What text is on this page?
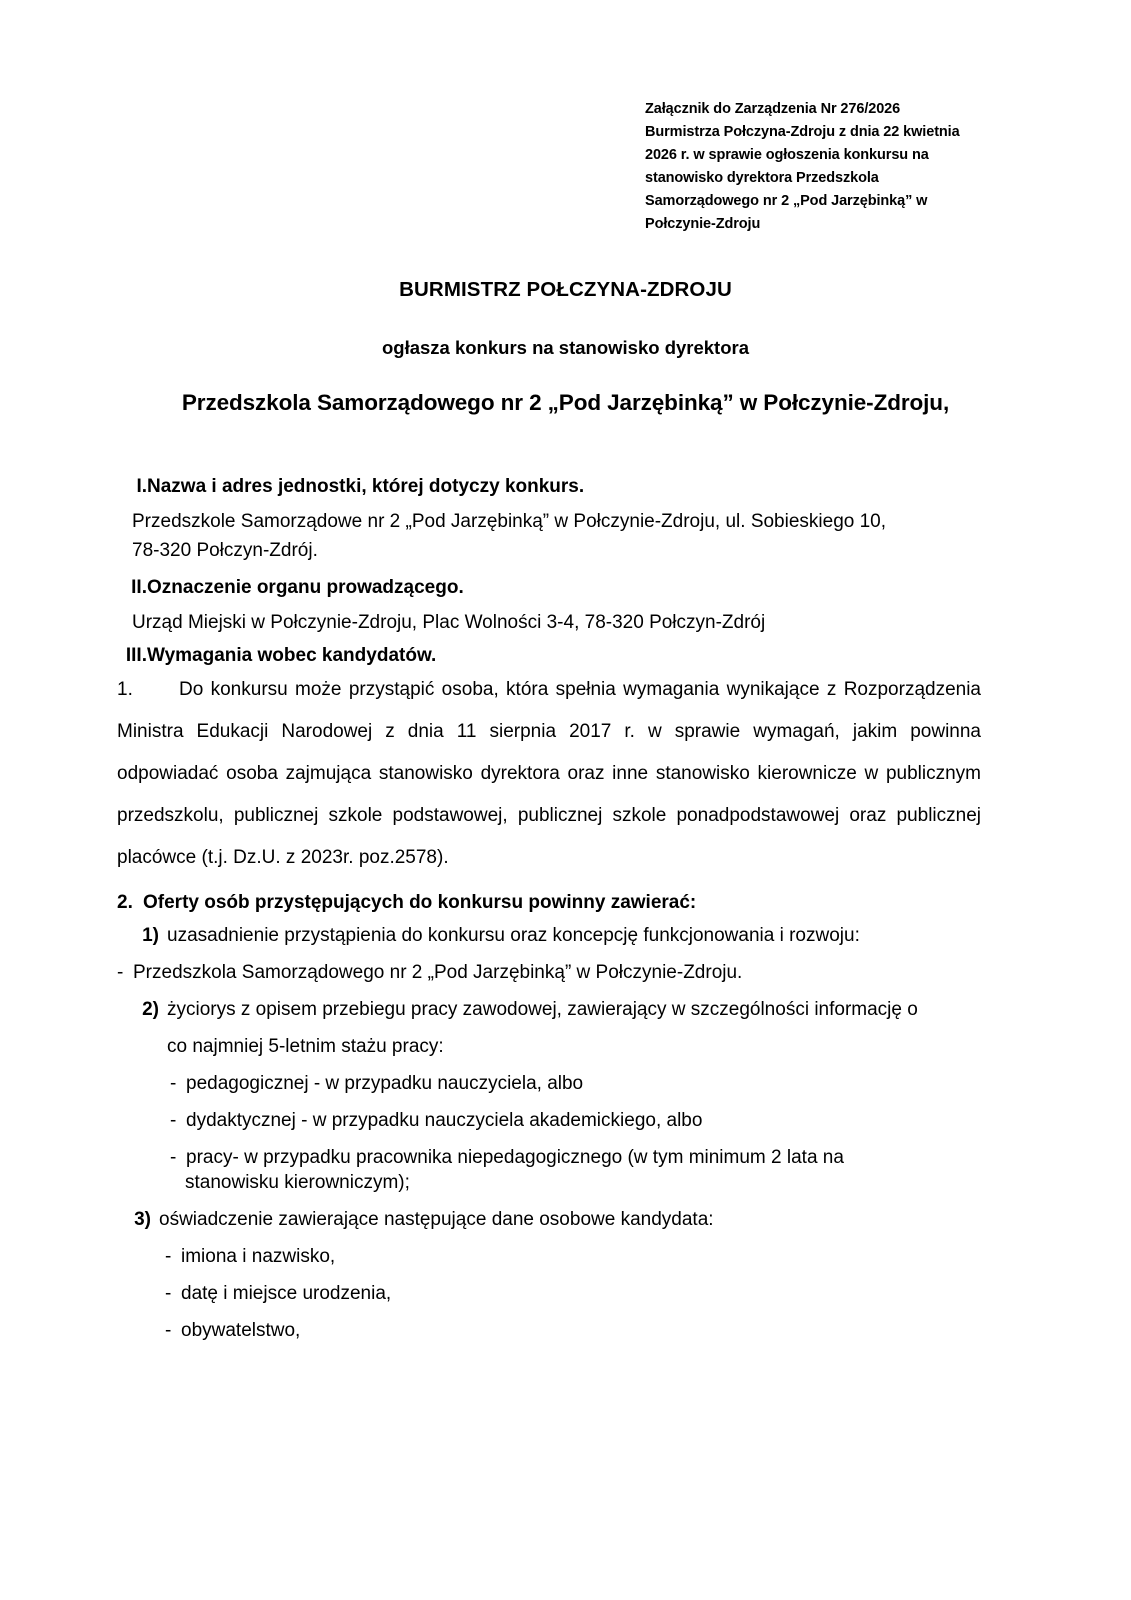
Załącznik do Zarządzenia Nr 276/2026
Burmistrza Połczyna-Zdroju z dnia 22 kwietnia
2026 r. w sprawie ogłoszenia konkursu na
stanowisko dyrektora Przedszkola
Samorządowego nr 2 „Pod Jarzębinką” w
Połczynie-Zdroju
BURMISTRZ POŁCZYNA-ZDROJU
ogłasza konkurs na stanowisko dyrektora
Przedszkola Samorządowego nr 2 „Pod Jarzębinką” w Połczynie-Zdroju,
I. Nazwa i adres jednostki, której dotyczy konkurs.
Przedszkole Samorządowe nr 2 „Pod Jarzębinką” w Połczynie-Zdroju, ul. Sobieskiego 10,
78-320 Połczyn-Zdrój.
II. Oznaczenie organu prowadzącego.
Urząd Miejski w Połczynie-Zdroju, Plac Wolności 3-4, 78-320 Połczyn-Zdrój
III. Wymagania wobec kandydatów.
1. Do konkursu może przystąpić osoba, która spełnia wymagania wynikające z Rozporządzenia Ministra Edukacji Narodowej z dnia 11 sierpnia 2017 r. w sprawie wymagań, jakim powinna odpowiadać osoba zajmująca stanowisko dyrektora oraz inne stanowisko kierownicze w publicznym przedszkolu, publicznej szkole podstawowej, publicznej szkole ponadpodstawowej oraz publicznej placówce (t.j. Dz.U. z 2023r. poz.2578).
2. Oferty osób przystępujących do konkursu powinny zawierać:
1) uzasadnienie przystąpienia do konkursu oraz koncepcję funkcjonowania i rozwoju:
- Przedszkola Samorządowego nr 2 „Pod Jarzębinką” w Połczynie-Zdroju.
2) życiorys z opisem przebiegu pracy zawodowej, zawierający w szczególności informację o
co najmniej 5-letnim stażu pracy:
- pedagogicznej - w przypadku nauczyciela, albo
- dydaktycznej - w przypadku nauczyciela akademickiego, albo
- pracy- w przypadku pracownika niepedagogicznego (w tym minimum 2 lata na
stanowisku kierowniczym);
3) oświadczenie zawierające następujące dane osobowe kandydata:
- imiona i nazwisko,
- datę i miejsce urodzenia,
- obywatelstwo,
